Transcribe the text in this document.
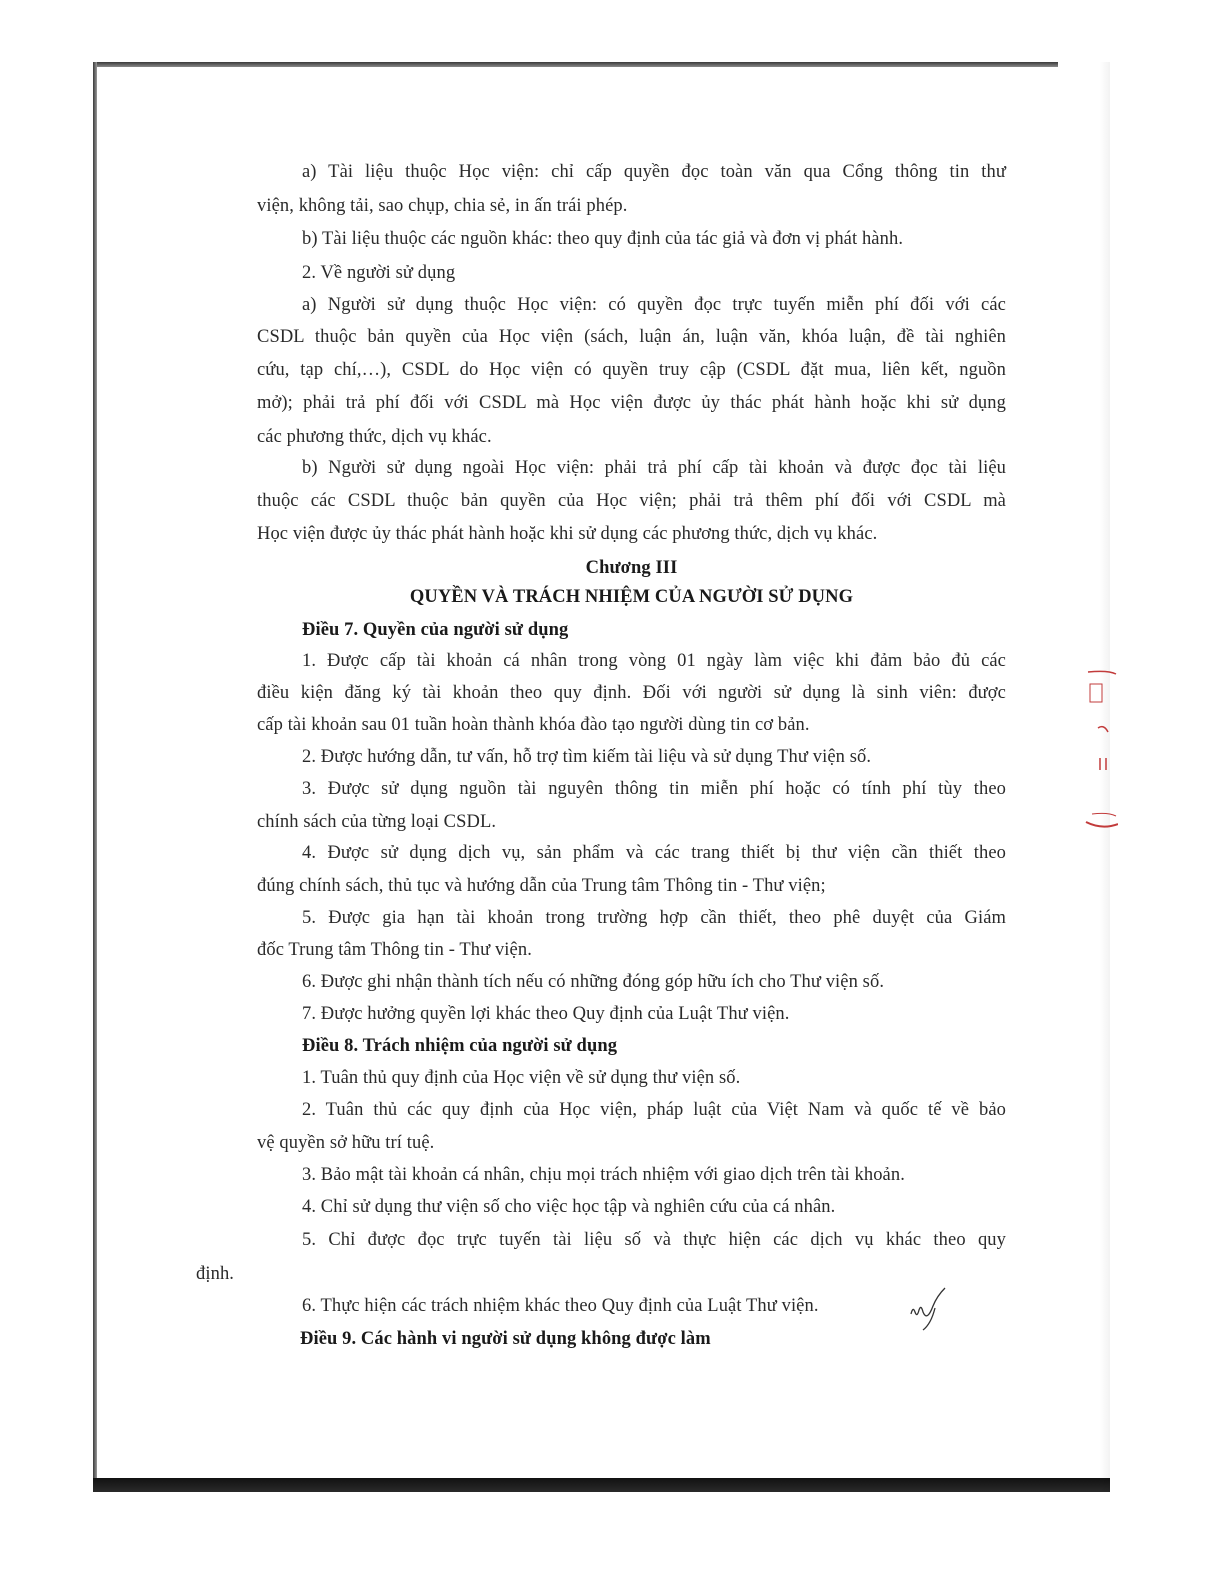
a) Tài liệu thuộc Học viện: chỉ cấp quyền đọc toàn văn qua Cổng thông tin thư
viện, không tải, sao chụp, chia sẻ, in ấn trái phép.
b) Tài liệu thuộc các nguồn khác: theo quy định của tác giả và đơn vị phát hành.
2. Về người sử dụng
a) Người sử dụng thuộc Học viện: có quyền đọc trực tuyến miễn phí đối với các
CSDL thuộc bản quyền của Học viện (sách, luận án, luận văn, khóa luận, đề tài nghiên
cứu, tạp chí,…), CSDL do Học viện có quyền truy cập (CSDL đặt mua, liên kết, nguồn
mở); phải trả phí đối với CSDL mà Học viện được ủy thác phát hành hoặc khi sử dụng
các phương thức, dịch vụ khác.
b) Người sử dụng ngoài Học viện: phải trả phí cấp tài khoản và được đọc tài liệu
thuộc các CSDL thuộc bản quyền của Học viện; phải trả thêm phí đối với CSDL mà
Học viện được ủy thác phát hành hoặc khi sử dụng các phương thức, dịch vụ khác.
Chương III
QUYỀN VÀ TRÁCH NHIỆM CỦA NGƯỜI SỬ DỤNG
Điều 7. Quyền của người sử dụng
1. Được cấp tài khoản cá nhân trong vòng 01 ngày làm việc khi đảm bảo đủ các
điều kiện đăng ký tài khoản theo quy định. Đối với người sử dụng là sinh viên: được
cấp tài khoản sau 01 tuần hoàn thành khóa đào tạo người dùng tin cơ bản.
2. Được hướng dẫn, tư vấn, hỗ trợ tìm kiếm tài liệu và sử dụng Thư viện số.
3. Được sử dụng nguồn tài nguyên thông tin miễn phí hoặc có tính phí tùy theo
chính sách của từng loại CSDL.
4. Được sử dụng dịch vụ, sản phẩm và các trang thiết bị thư viện cần thiết theo
đúng chính sách, thủ tục và hướng dẫn của Trung tâm Thông tin - Thư viện;
5. Được gia hạn tài khoản trong trường hợp cần thiết, theo phê duyệt của Giám
đốc Trung tâm Thông tin - Thư viện.
6. Được ghi nhận thành tích nếu có những đóng góp hữu ích cho Thư viện số.
7. Được hưởng quyền lợi khác theo Quy định của Luật Thư viện.
Điều 8. Trách nhiệm của người sử dụng
1. Tuân thủ quy định của Học viện về sử dụng thư viện số.
2. Tuân thủ các quy định của Học viện, pháp luật của Việt Nam và quốc tế về bảo
vệ quyền sở hữu trí tuệ.
3. Bảo mật tài khoản cá nhân, chịu mọi trách nhiệm với giao dịch trên tài khoản.
4. Chỉ sử dụng thư viện số cho việc học tập và nghiên cứu của cá nhân.
5. Chỉ được đọc trực tuyến tài liệu số và thực hiện các dịch vụ khác theo quy
định.
6. Thực hiện các trách nhiệm khác theo Quy định của Luật Thư viện.
Điều 9. Các hành vi người sử dụng không được làm
